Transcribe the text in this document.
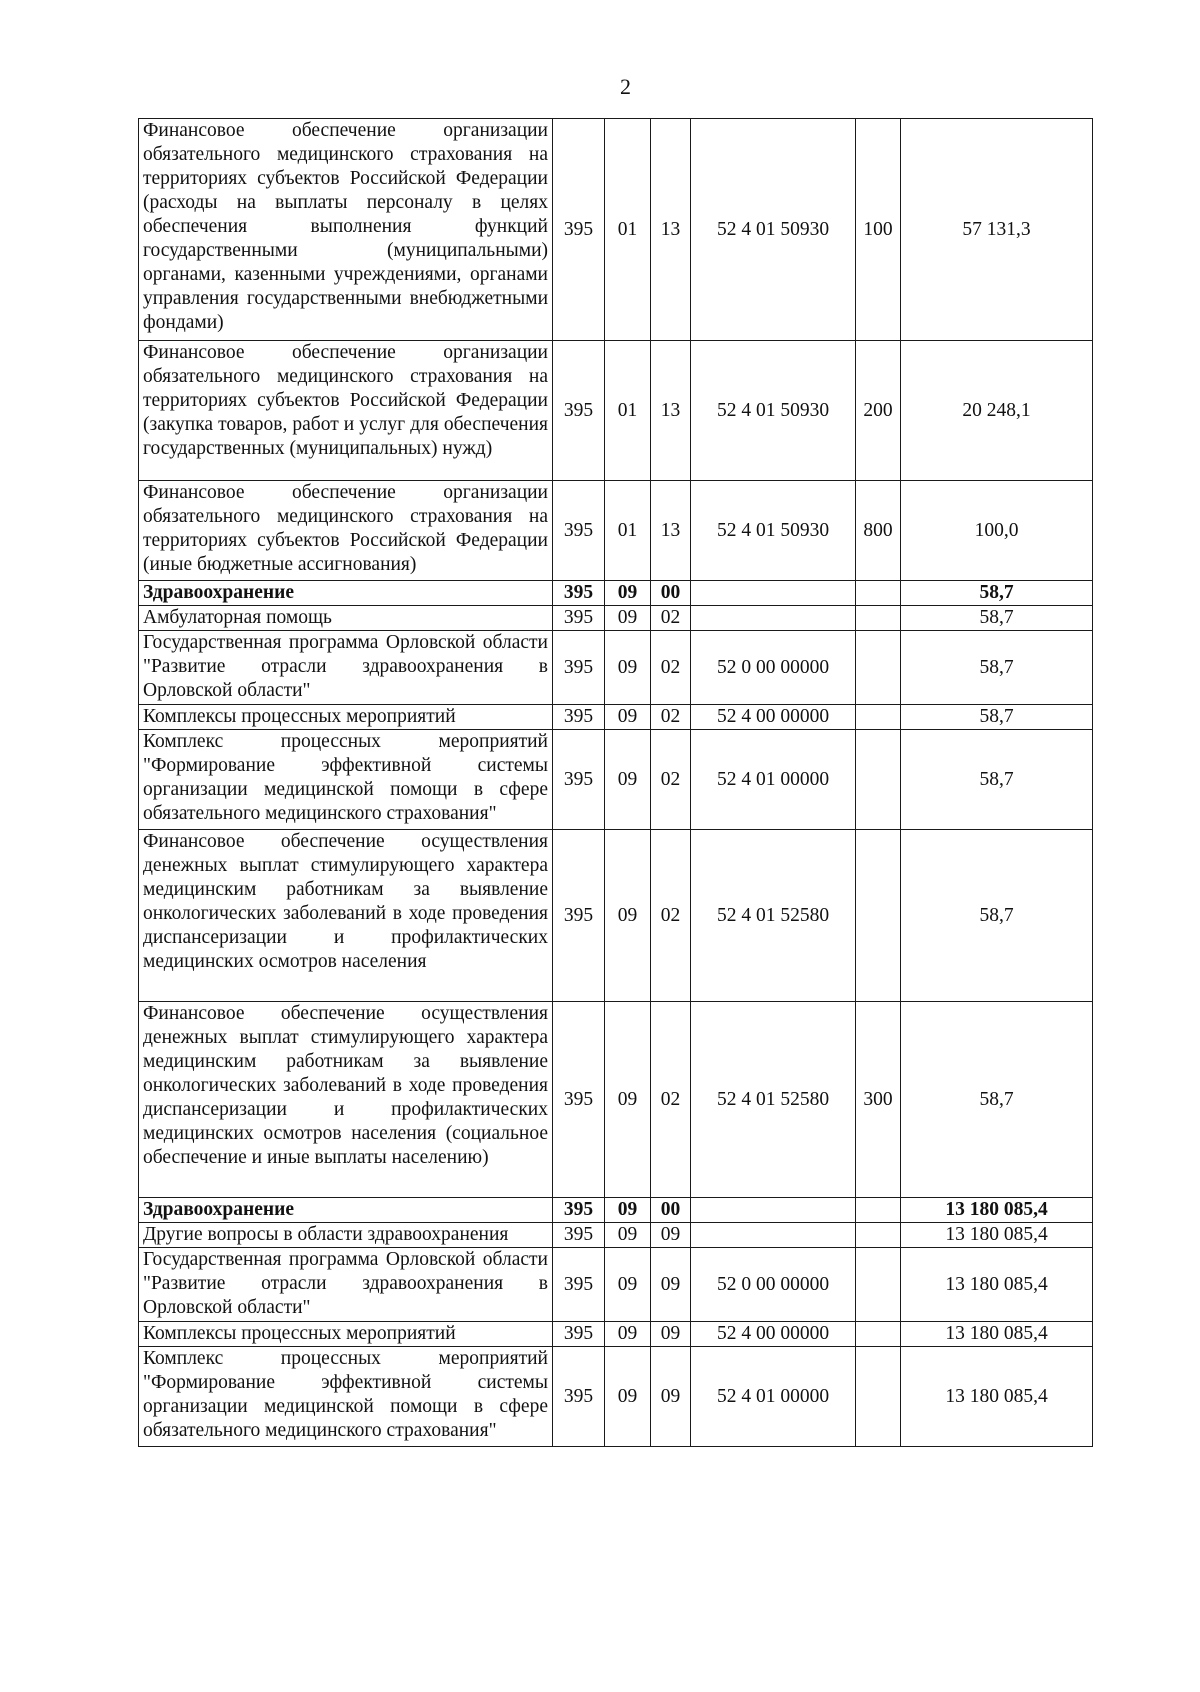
2
Финансовое обеспечение организации обязательного медицинского страхования на территориях субъектов Российской Федерации (расходы на выплаты персоналу в целях обеспечения выполнения функций государственными (муниципальными) органами, казенными учреждениями, органами управления государственными внебюджетными фондами)	395	01	13	52 4 01 50930	100	57 131,3
Финансовое обеспечение организации обязательного медицинского страхования на территориях субъектов Российской Федерации (закупка товаров, работ и услуг для обеспечения государственных (муниципальных) нужд)	395	01	13	52 4 01 50930	200	20 248,1
Финансовое обеспечение организации обязательного медицинского страхования на территориях субъектов Российской Федерации (иные бюджетные ассигнования)	395	01	13	52 4 01 50930	800	100,0
Здравоохранение	395	09	00			58,7
Амбулаторная помощь	395	09	02			58,7
Государственная программа Орловской области "Развитие отрасли здравоохранения в Орловской области"	395	09	02	52 0 00 00000		58,7
Комплексы процессных мероприятий	395	09	02	52 4 00 00000		58,7
Комплекс процессных мероприятий "Формирование эффективной системы организации медицинской помощи в сфере обязательного медицинского страхования"	395	09	02	52 4 01 00000		58,7
Финансовое обеспечение осуществления денежных выплат стимулирующего характера медицинским работникам за выявление онкологических заболеваний в ходе проведения диспансеризации и профилактических медицинских осмотров населения	395	09	02	52 4 01 52580		58,7
Финансовое обеспечение осуществления денежных выплат стимулирующего характера медицинским работникам за выявление онкологических заболеваний в ходе проведения диспансеризации и профилактических медицинских осмотров населения (социальное обеспечение и иные выплаты населению)	395	09	02	52 4 01 52580	300	58,7
Здравоохранение	395	09	00			13 180 085,4
Другие вопросы в области здравоохранения	395	09	09			13 180 085,4
Государственная программа Орловской области "Развитие отрасли здравоохранения в Орловской области"	395	09	09	52 0 00 00000		13 180 085,4
Комплексы процессных мероприятий	395	09	09	52 4 00 00000		13 180 085,4
Комплекс процессных мероприятий "Формирование эффективной системы организации медицинской помощи в сфере обязательного медицинского страхования"	395	09	09	52 4 01 00000		13 180 085,4
